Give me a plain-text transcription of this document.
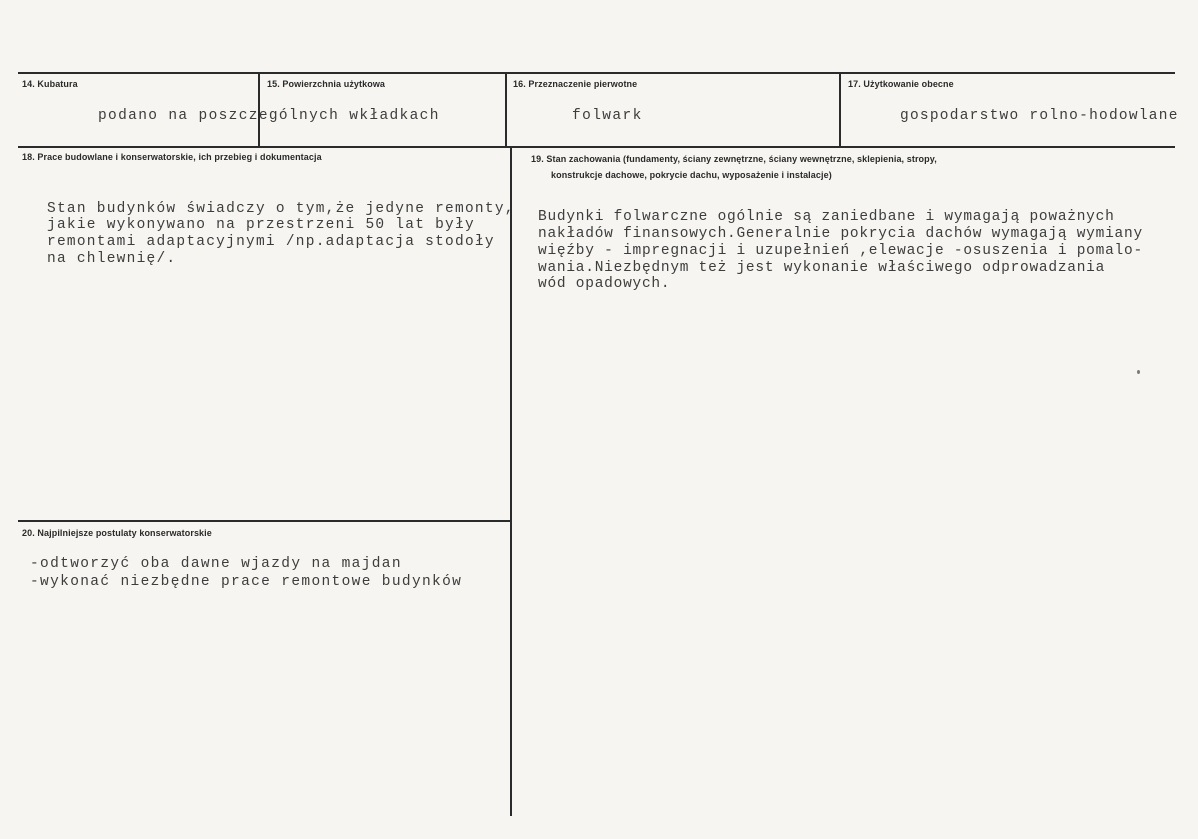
14. Kubatura
podano na poszczególnych wkładkach
15. Powierzchnia użytkowa	16. Przeznaczenie pierwotne
folwark
17. Użytkowanie obecne
gospodarstwo rolno-hodowlane
18. Prace budowlane i konserwatorskie, ich przebieg i dokumentacja
Stan budynków świadczy o tym,że jedyne remonty,
jakie wykonywano na przestrzeni 50 lat były
remontami adaptacyjnymi /np.adaptacja stodoły
na chlewnię/.
19. Stan zachowania (fundamenty, ściany zewnętrzne, ściany wewnętrzne, sklepienia, stropy,
konstrukcje dachowe, pokrycie dachu, wyposażenie i instalacje)
Budynki folwarczne ogólnie są zaniedbane i wymagają poważnych
nakładów finansowych.Generalnie pokrycia dachów wymagają wymiany
więźby - impregnacji i uzupełnień ,elewacje -osuszenia i pomalo-
wania.Niezbędnym też jest wykonanie właściwego odprowadzania
wód opadowych.
20. Najpilniejsze postulaty konserwatorskie
-odtworzyć oba dawne wjazdy na majdan
-wykonać niezbędne prace remontowe budynków
